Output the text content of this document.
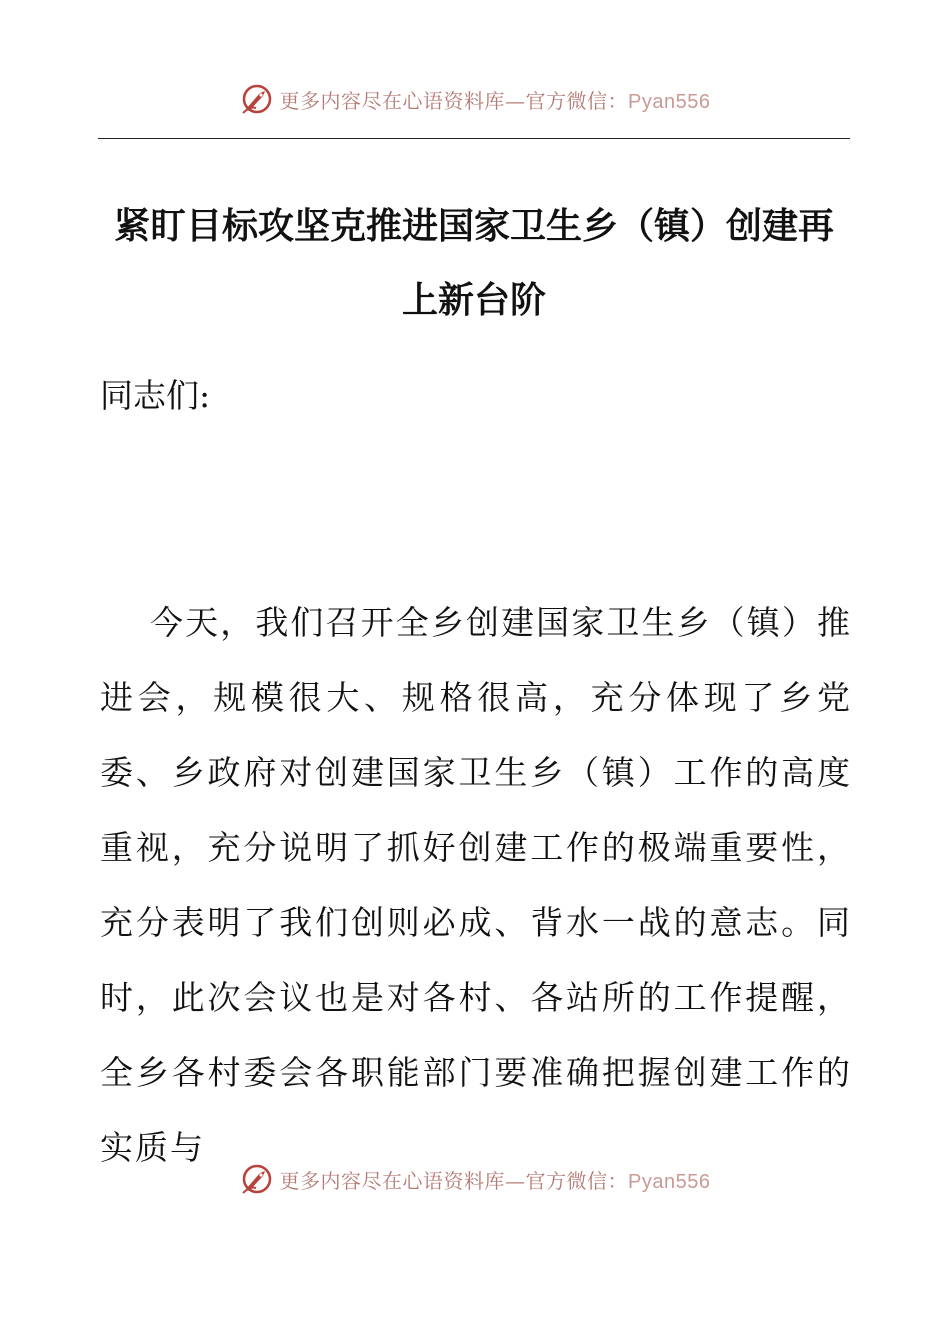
更多内容尽在心语资料库—官方微信：Pyan556
紧盯目标攻坚克推进国家卫生乡（镇）创建再上新台阶
同志们:
今天，我们召开全乡创建国家卫生乡（镇）推进会，规模很大、规格很高，充分体现了乡党委、乡政府对创建国家卫生乡（镇）工作的高度重视，充分说明了抓好创建工作的极端重要性，充分表明了我们创则必成、背水一战的意志。同时，此次会议也是对各村、各站所的工作提醒，全乡各村委会各职能部门要准确把握创建工作的实质与
更多内容尽在心语资料库—官方微信：Pyan556
